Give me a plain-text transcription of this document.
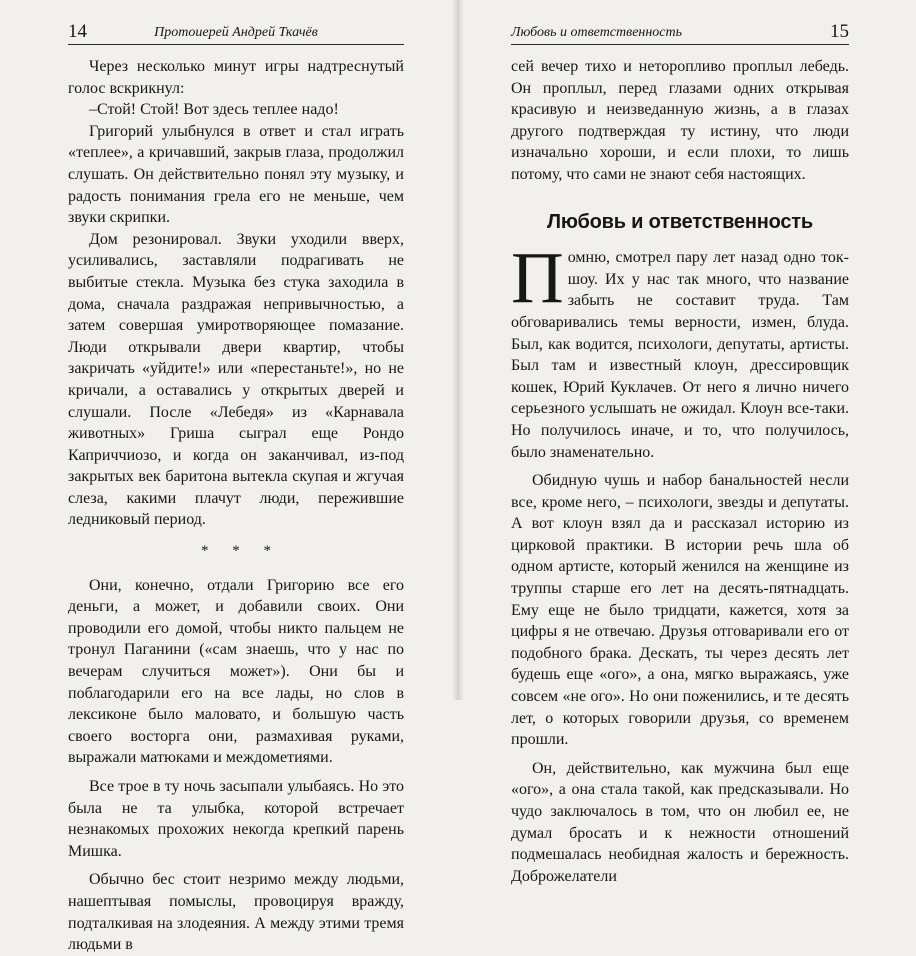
14	Протоиерей Андрей Ткачёв

Через несколько минут игры надтреснутый голос вскрикнул:

–Стой! Стой! Вот здесь теплее надо!

Григорий улыбнулся в ответ и стал играть «теплее», а кричавший, закрыв глаза, продолжил слушать. Он действительно понял эту музыку, и радость понимания грела его не меньше, чем звуки скрипки.

Дом резонировал. Звуки уходили вверх, усиливались, заставляли подрагивать не выбитые стекла. Музыка без стука заходила в дома, сначала раздражая непривычностью, а затем совершая умиротворяющее помазание. Люди открывали двери квартир, чтобы закричать «уйдите!» или «перестаньте!», но не кричали, а оставались у открытых дверей и слушали. После «Лебедя» из «Карнавала животных» Гриша сыграл еще Рондо Каприччиозо, и когда он заканчивал, из-под закрытых век баритона вытекла скупая и жгучая слеза, какими плачут люди, пережившие ледниковый период.

* * *

Они, конечно, отдали Григорию все его деньги, а может, и добавили своих. Они проводили его домой, чтобы никто пальцем не тронул Паганини («сам знаешь, что у нас по вечерам случиться может»). Они бы и поблагодарили его на все лады, но слов в лексиконе было маловато, и большую часть своего восторга они, размахивая руками, выражали матюками и междометиями.

Все трое в ту ночь засыпали улыбаясь. Но это была не та улыбка, которой встречает незнакомых прохожих некогда крепкий парень Мишка.

Обычно бес стоит незримо между людьми, нашептывая помыслы, провоцируя вражду, подталкивая на злодеяния. А между этими тремя людьми в

Любовь и ответственность	15

сей вечер тихо и неторопливо проплыл лебедь. Он проплыл, перед глазами одних открывая красивую и неизведанную жизнь, а в глазах другого подтверждая ту истину, что люди изначально хороши, и если плохи, то лишь потому, что сами не знают себя настоящих.

Любовь и ответственность

Помню, смотрел пару лет назад одно ток-шоу. Их у нас так много, что название забыть не составит труда. Там обговаривались темы верности, измен, блуда. Был, как водится, психологи, депутаты, артисты. Был там и известный клоун, дрессировщик кошек, Юрий Куклачев. От него я лично ничего серьезного услышать не ожидал. Клоун все-таки. Но получилось иначе, и то, что получилось, было знаменательно.

Обидную чушь и набор банальностей несли все, кроме него, – психологи, звезды и депутаты. А вот клоун взял да и рассказал историю из цирковой практики. В истории речь шла об одном артисте, который женился на женщине из труппы старше его лет на десять-пятнадцать. Ему еще не было тридцати, кажется, хотя за цифры я не отвечаю. Друзья отговаривали его от подобного брака. Дескать, ты через десять лет будешь еще «ого», а она, мягко выражаясь, уже совсем «не ого». Но они поженились, и те десять лет, о которых говорили друзья, со временем прошли.

Он, действительно, как мужчина был еще «ого», а она стала такой, как предсказывали. Но чудо заключалось в том, что он любил ее, не думал бросать и к нежности отношений подмешалась необидная жалость и бережность. Доброжелатели
